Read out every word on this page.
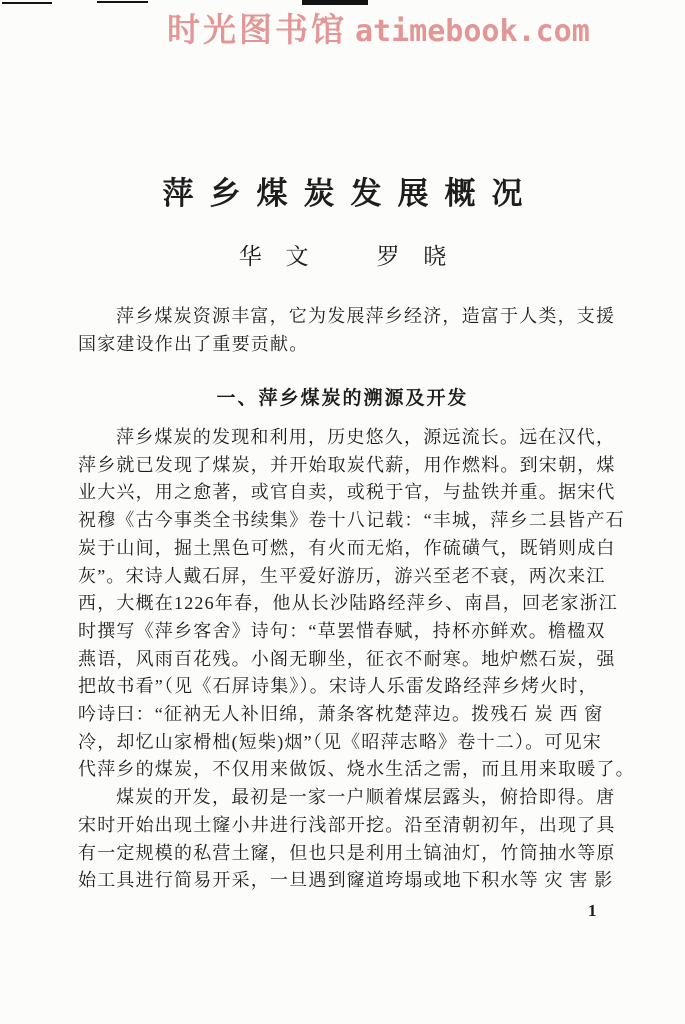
时光图书馆 atimebook.com
萍乡煤炭发展概况
华 文    罗 晓
萍乡煤炭资源丰富，它为发展萍乡经济，造富于人类，支援
国家建设作出了重要贡献。
一、萍乡煤炭的溯源及开发
萍乡煤炭的发现和利用，历史悠久，源远流长。远在汉代，
萍乡就已发现了煤炭，并开始取炭代薪，用作燃料。到宋朝，煤
业大兴，用之愈著，或官自卖，或税于官，与盐铁并重。据宋代
祝穆《古今事类全书续集》卷十八记载：“丰城，萍乡二县皆产石
炭于山间，掘土黑色可燃，有火而无焰，作硫磺气，既销则成白
灰”。宋诗人戴石屏，生平爱好游历，游兴至老不衰，两次来江
西，大概在1226年春，他从长沙陆路经萍乡、南昌，回老家浙江
时撰写《萍乡客舍》诗句：“草罢惜春赋，持杯亦鲜欢。檐楹双
燕语，风雨百花残。小阁无聊坐，征衣不耐寒。地炉燃石炭，强
把故书看”（见《石屏诗集》）。宋诗人乐雷发路经萍乡烤火时，
吟诗曰：“征衲无人补旧绵，萧条客枕楚萍边。拨残石 炭 西 窗
冷，却忆山家榾柮(短柴)烟”（见《昭萍志略》卷十二）。可见宋
代萍乡的煤炭，不仅用来做饭、烧水生活之需，而且用来取暖了。
煤炭的开发，最初是一家一户顺着煤层露头，俯拾即得。唐
宋时开始出现土窿小井进行浅部开挖。沿至清朝初年，出现了具
有一定规模的私营土窿，但也只是利用土镐油灯，竹筒抽水等原
始工具进行简易开采，一旦遇到窿道垮塌或地下积水等 灾 害 影
1
